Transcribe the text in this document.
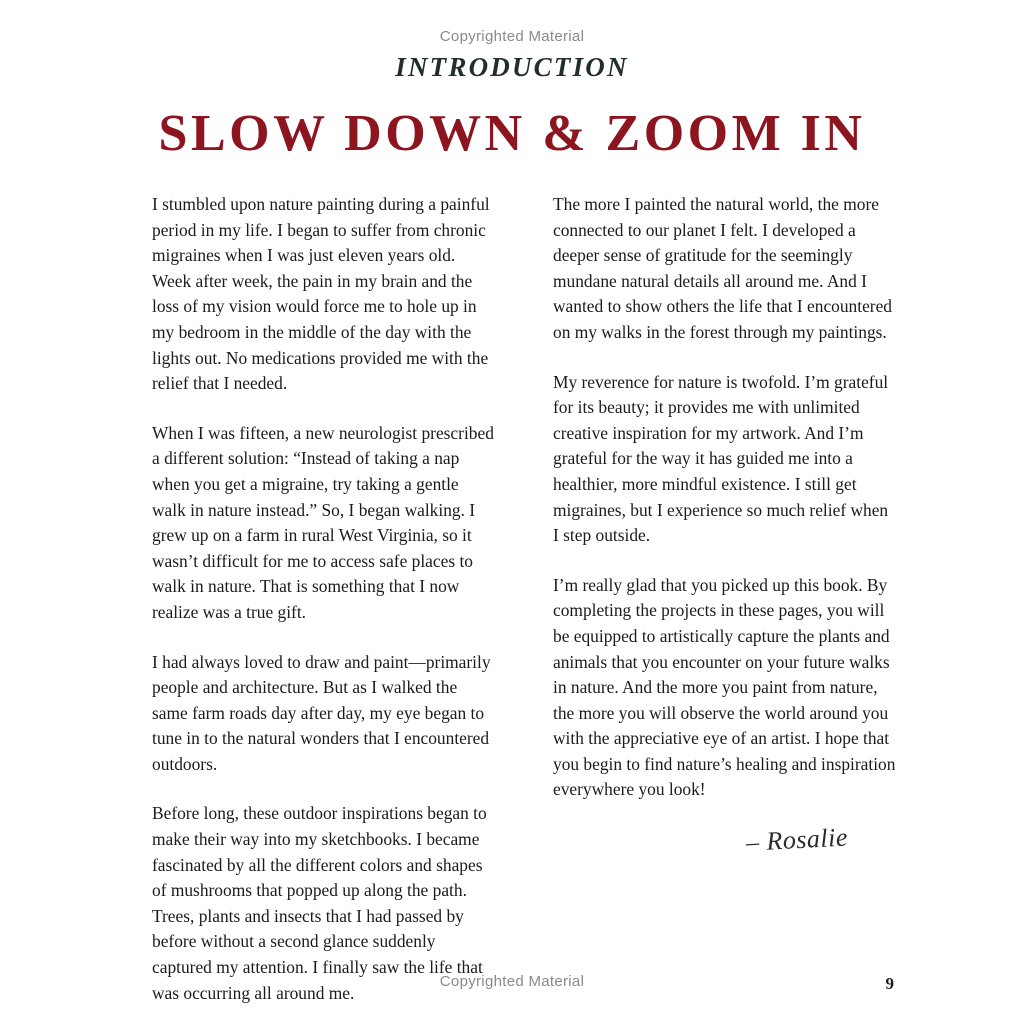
Copyrighted Material
INTRODUCTION
SLOW DOWN & ZOOM IN

I stumbled upon nature painting during a painful period in my life. I began to suffer from chronic migraines when I was just eleven years old. Week after week, the pain in my brain and the loss of my vision would force me to hole up in my bedroom in the middle of the day with the lights out. No medications provided me with the relief that I needed.

When I was fifteen, a new neurologist prescribed a different solution: “Instead of taking a nap when you get a migraine, try taking a gentle walk in nature instead.” So, I began walking. I grew up on a farm in rural West Virginia, so it wasn’t difficult for me to access safe places to walk in nature. That is something that I now realize was a true gift.

I had always loved to draw and paint—primarily people and architecture. But as I walked the same farm roads day after day, my eye began to tune in to the natural wonders that I encountered outdoors.

Before long, these outdoor inspirations began to make their way into my sketchbooks. I became fascinated by all the different colors and shapes of mushrooms that popped up along the path. Trees, plants and insects that I had passed by before without a second glance suddenly captured my attention. I finally saw the life that was occurring all around me.

The more I painted the natural world, the more connected to our planet I felt. I developed a deeper sense of gratitude for the seemingly mundane natural details all around me. And I wanted to show others the life that I encountered on my walks in the forest through my paintings.

My reverence for nature is twofold. I’m grateful for its beauty; it provides me with unlimited creative inspiration for my artwork. And I’m grateful for the way it has guided me into a healthier, more mindful existence. I still get migraines, but I experience so much relief when I step outside.

I’m really glad that you picked up this book. By completing the projects in these pages, you will be equipped to artistically capture the plants and animals that you encounter on your future walks in nature. And the more you paint from nature, the more you will observe the world around you with the appreciative eye of an artist. I hope that you begin to find nature’s healing and inspiration everywhere you look!

– Rosalie
Copyrighted Material	9
